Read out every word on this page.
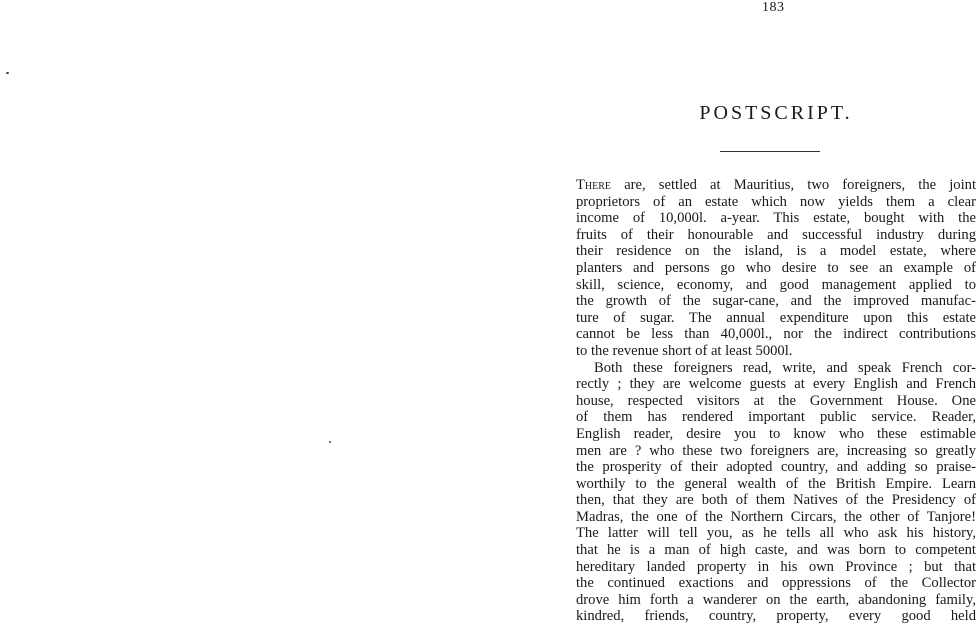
183
POSTSCRIPT.
There are, settled at Mauritius, two foreigners, the joint
proprietors of an estate which now yields them a clear
income of 10,000l. a-year. This estate, bought with the
fruits of their honourable and successful industry during
their residence on the island, is a model estate, where
planters and persons go who desire to see an example of
skill, science, economy, and good management applied to
the growth of the sugar-cane, and the improved manufac-
ture of sugar. The annual expenditure upon this estate
cannot be less than 40,000l., nor the indirect contributions
to the revenue short of at least 5000l.
Both these foreigners read, write, and speak French cor-
rectly ; they are welcome guests at every English and French
house, respected visitors at the Government House. One
of them has rendered important public service. Reader,
English reader, desire you to know who these estimable
men are ? who these two foreigners are, increasing so greatly
the prosperity of their adopted country, and adding so praise-
worthily to the general wealth of the British Empire. Learn
then, that they are both of them Natives of the Presidency of
Madras, the one of the Northern Circars, the other of Tanjore!
The latter will tell you, as he tells all who ask his history,
that he is a man of high caste, and was born to competent
hereditary landed property in his own Province ; but that
the continued exactions and oppressions of the Collector
drove him forth a wanderer on the earth, abandoning family,
kindred, friends, country, property, every good held
